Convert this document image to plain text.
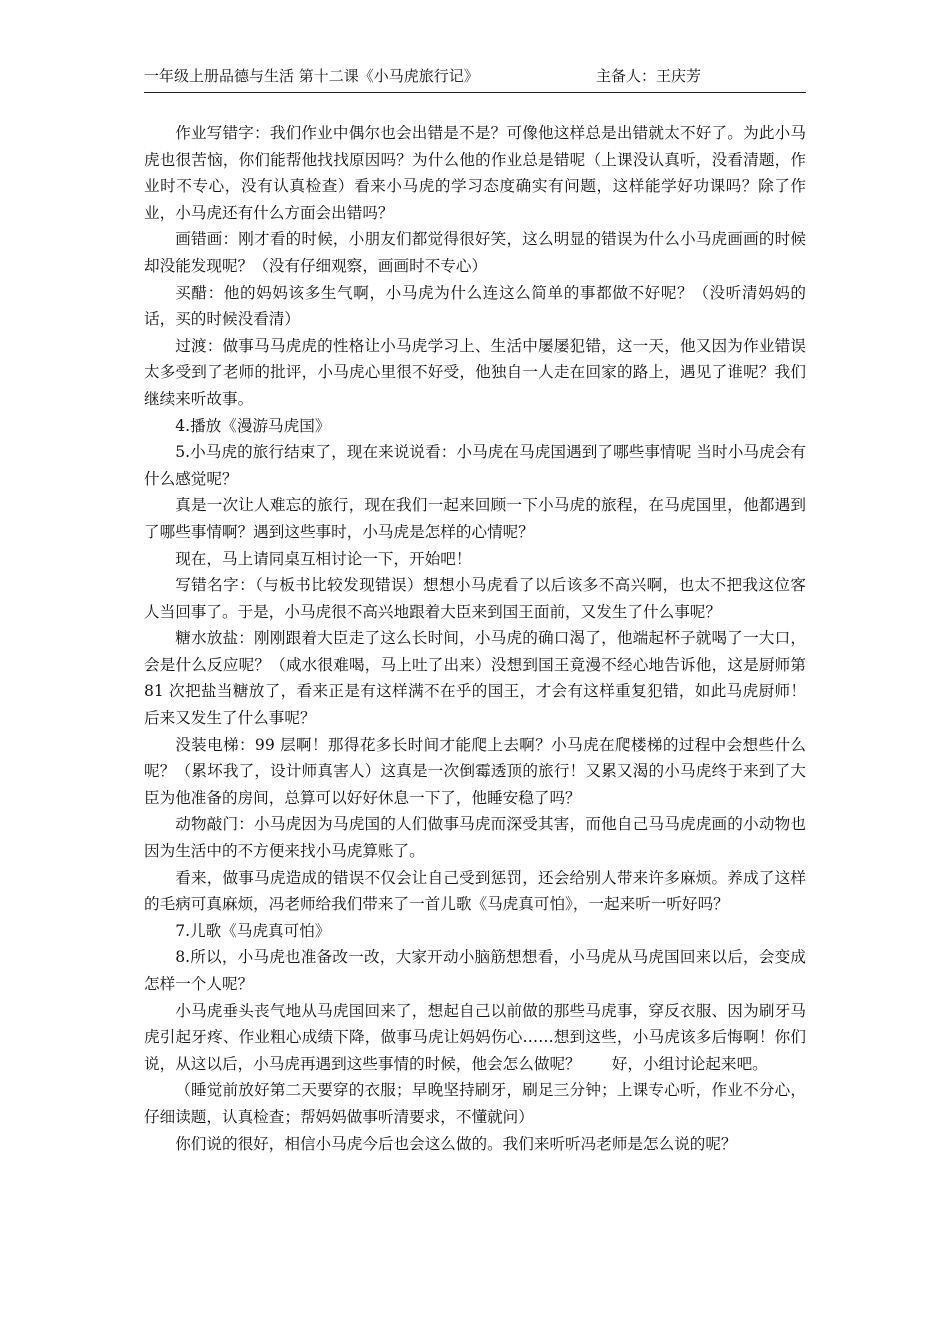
一年级上册品德与生活 第十二课《小马虎旅行记》	主备人：王庆芳

作业写错字：我们作业中偶尔也会出错是不是？可像他这样总是出错就太不好了。为此小马虎也很苦恼，你们能帮他找找原因吗？为什么他的作业总是错呢（上课没认真听，没看清题，作业时不专心，没有认真检查）看来小马虎的学习态度确实有问题，这样能学好功课吗？除了作业，小马虎还有什么方面会出错吗？

画错画：刚才看的时候，小朋友们都觉得很好笑，这么明显的错误为什么小马虎画画的时候却没能发现呢？（没有仔细观察，画画时不专心）

买醋：他的妈妈该多生气啊，小马虎为什么连这么简单的事都做不好呢？（没听清妈妈的话，买的时候没看清）

过渡：做事马马虎虎的性格让小马虎学习上、生活中屡屡犯错，这一天，他又因为作业错误太多受到了老师的批评，小马虎心里很不好受，他独自一人走在回家的路上，遇见了谁呢？我们继续来听故事。

4.播放《漫游马虎国》

5.小马虎的旅行结束了，现在来说说看：小马虎在马虎国遇到了哪些事情呢 当时小马虎会有什么感觉呢？

真是一次让人难忘的旅行，现在我们一起来回顾一下小马虎的旅程，在马虎国里，他都遇到了哪些事情啊？遇到这些事时，小马虎是怎样的心情呢？

现在，马上请同桌互相讨论一下，开始吧！

写错名字：（与板书比较发现错误）想想小马虎看了以后该多不高兴啊，也太不把我这位客人当回事了。于是，小马虎很不高兴地跟着大臣来到国王面前，又发生了什么事呢？

糖水放盐：刚刚跟着大臣走了这么长时间，小马虎的确口渴了，他端起杯子就喝了一大口，会是什么反应呢？（咸水很难喝，马上吐了出来）没想到国王竟漫不经心地告诉他，这是厨师第 81 次把盐当糖放了，看来正是有这样满不在乎的国王，才会有这样重复犯错，如此马虎厨师！后来又发生了什么事呢？

没装电梯：99 层啊！那得花多长时间才能爬上去啊？小马虎在爬楼梯的过程中会想些什么呢？（累坏我了，设计师真害人）这真是一次倒霉透顶的旅行！又累又渴的小马虎终于来到了大臣为他准备的房间，总算可以好好休息一下了，他睡安稳了吗？

动物敲门：小马虎因为马虎国的人们做事马虎而深受其害，而他自己马马虎虎画的小动物也因为生活中的不方便来找小马虎算账了。

看来，做事马虎造成的错误不仅会让自己受到惩罚，还会给别人带来许多麻烦。养成了这样的毛病可真麻烦，冯老师给我们带来了一首儿歌《马虎真可怕》，一起来听一听好吗？

7.儿歌《马虎真可怕》

8.所以，小马虎也准备改一改，大家开动小脑筋想想看，小马虎从马虎国回来以后，会变成怎样一个人呢？

小马虎垂头丧气地从马虎国回来了，想起自己以前做的那些马虎事，穿反衣服、因为刷牙马虎引起牙疼、作业粗心成绩下降，做事马虎让妈妈伤心……想到这些，小马虎该多后悔啊！你们说，从这以后，小马虎再遇到这些事情的时候，他会怎么做呢？　　好，小组讨论起来吧。

（睡觉前放好第二天要穿的衣服；早晚坚持刷牙，刷足三分钟；上课专心听，作业不分心，仔细读题，认真检查；帮妈妈做事听清要求，不懂就问）

你们说的很好，相信小马虎今后也会这么做的。我们来听听冯老师是怎么说的呢？
